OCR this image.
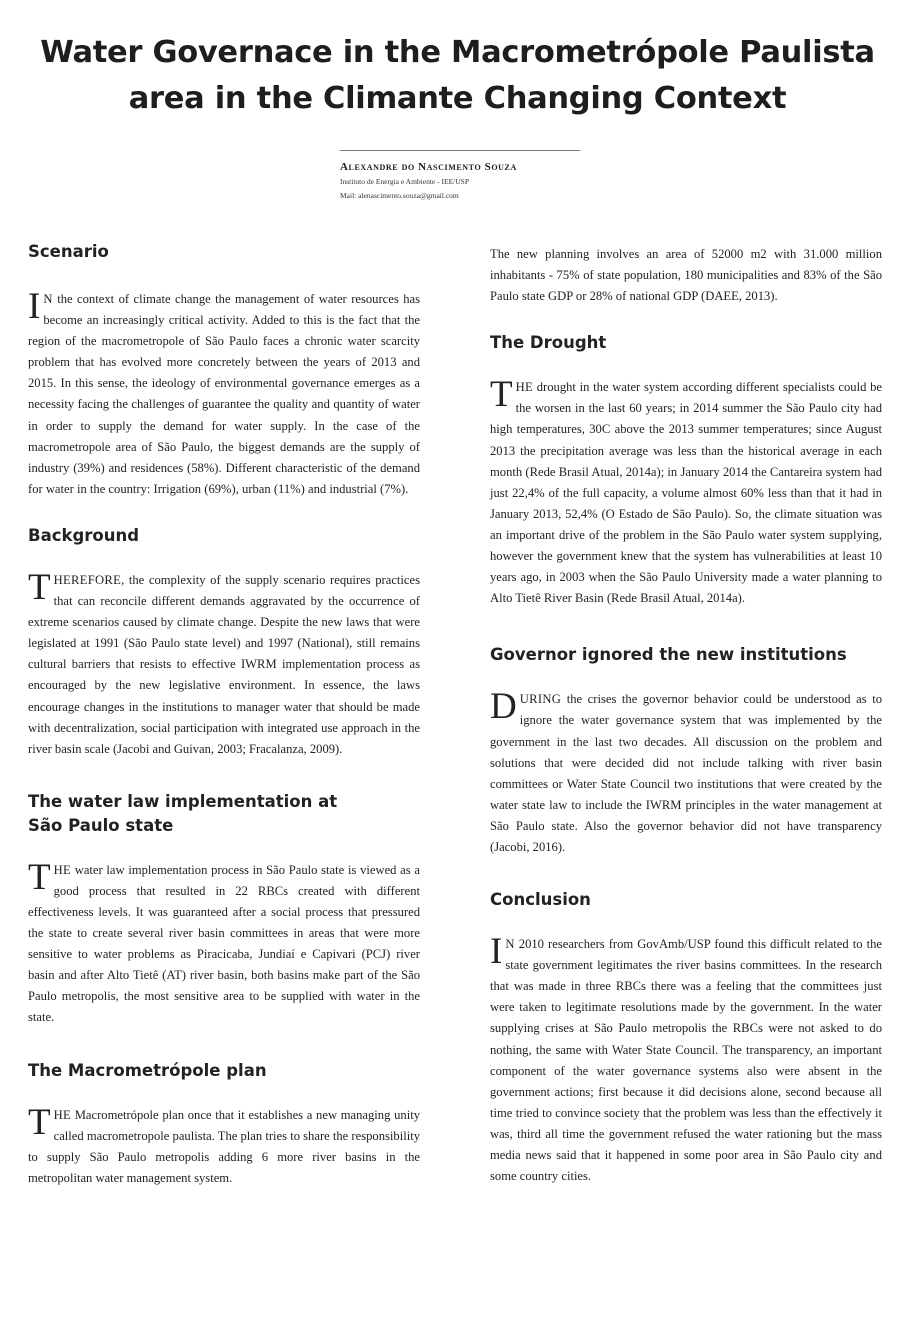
Water Governace in the Macrometrópole Paulista
area in the Climante Changing Context
Alexandre do Nascimento Souza
Instituto de Energia e Ambiente - IEE/USP
Mail: alenascimento.souza@gmail.com
Scenario

I N the context of climate change the management of water resources has become an increasingly critical activity. Added to this is the fact that the region of the macrometropole of São Paulo faces a chronic water scarcity problem that has evolved more concretely between the years of 2013 and 2015. In this sense, the ideology of environmental governance emerges as a necessity facing the challenges of guarantee the quality and quantity of water in order to supply the demand for water supply. In the case of the macrometropole area of São Paulo, the biggest demands are the supply of industry (39%) and residences (58%). Different characteristic of the demand for water in the country: Irrigation (69%), urban (11%) and industrial (7%).

Background

THEREFORE, the complexity of the supply scenario requires practices that can reconcile different demands aggravated by the occurrence of extreme scenarios caused by climate change. Despite the new laws that were legislated at 1991 (São Paulo state level) and 1997 (National), still remains cultural barriers that resists to effective IWRM implementation process as encouraged by the new legislative environment. In essence, the laws encourage changes in the institutions to manager water that should be made with decentralization, social participation with integrated use approach in the river basin scale (Jacobi and Guivan, 2003; Fracalanza, 2009).

The water law implementation at
São Paulo state

THE water law implementation process in São Paulo state is viewed as a good process that resulted in 22 RBCs created with different effectiveness levels. It was guaranteed after a social process that pressured the state to create several river basin committees in areas that were more sensitive to water problems as Piracicaba, Jundiaí e Capivari (PCJ) river basin and after Alto Tietê (AT) river basin, both basins make part of the São Paulo metropolis, the most sensitive area to be supplied with water in the state.

The Macrometrópole plan

THE Macrometrópole plan once that it establishes a new managing unity called macrometropole paulista. The plan tries to share the responsibility to supply São Paulo metropolis adding 6 more river basins in the metropolitan water management system.

The new planning involves an area of 52000 m2 with 31.000 million inhabitants - 75% of state population, 180 municipalities and 83% of the São Paulo state GDP or 28% of national GDP (DAEE, 2013).

The Drought

THE drought in the water system according different specialists could be the worsen in the last 60 years; in 2014 summer the São Paulo city had high temperatures, 30C above the 2013 summer temperatures; since August 2013 the precipitation average was less than the historical average in each month (Rede Brasil Atual, 2014a); in January 2014 the Cantareira system had just 22,4% of the full capacity, a volume almost 60% less than that it had in January 2013, 52,4% (O Estado de São Paulo). So, the climate situation was an important drive of the problem in the São Paulo water system supplying, however the government knew that the system has vulnerabilities at least 10 years ago, in 2003 when the São Paulo University made a water planning to Alto Tietê River Basin (Rede Brasil Atual, 2014a).

Governor ignored the new institutions

DURING the crises the governor behavior could be understood as to ignore the water governance system that was implemented by the government in the last two decades. All discussion on the problem and solutions that were decided did not include talking with river basin committees or Water State Council two institutions that were created by the water state law to include the IWRM principles in the water management at São Paulo state. Also the governor behavior did not have transparency (Jacobi, 2016).

Conclusion

I N 2010 researchers from GovAmb/USP found this difficult related to the state government legitimates the river basins committees. In the research that was made in three RBCs there was a feeling that the committees just were taken to legitimate resolutions made by the government. In the water supplying crises at São Paulo metropolis the RBCs were not asked to do nothing, the same with Water State Council. The transparency, an important component of the water governance systems also were absent in the government actions; first because it did decisions alone, second because all time tried to convince society that the problem was less than the effectively it was, third all time the government refused the water rationing but the mass media news said that it happened in some poor area in São Paulo city and some country cities.
